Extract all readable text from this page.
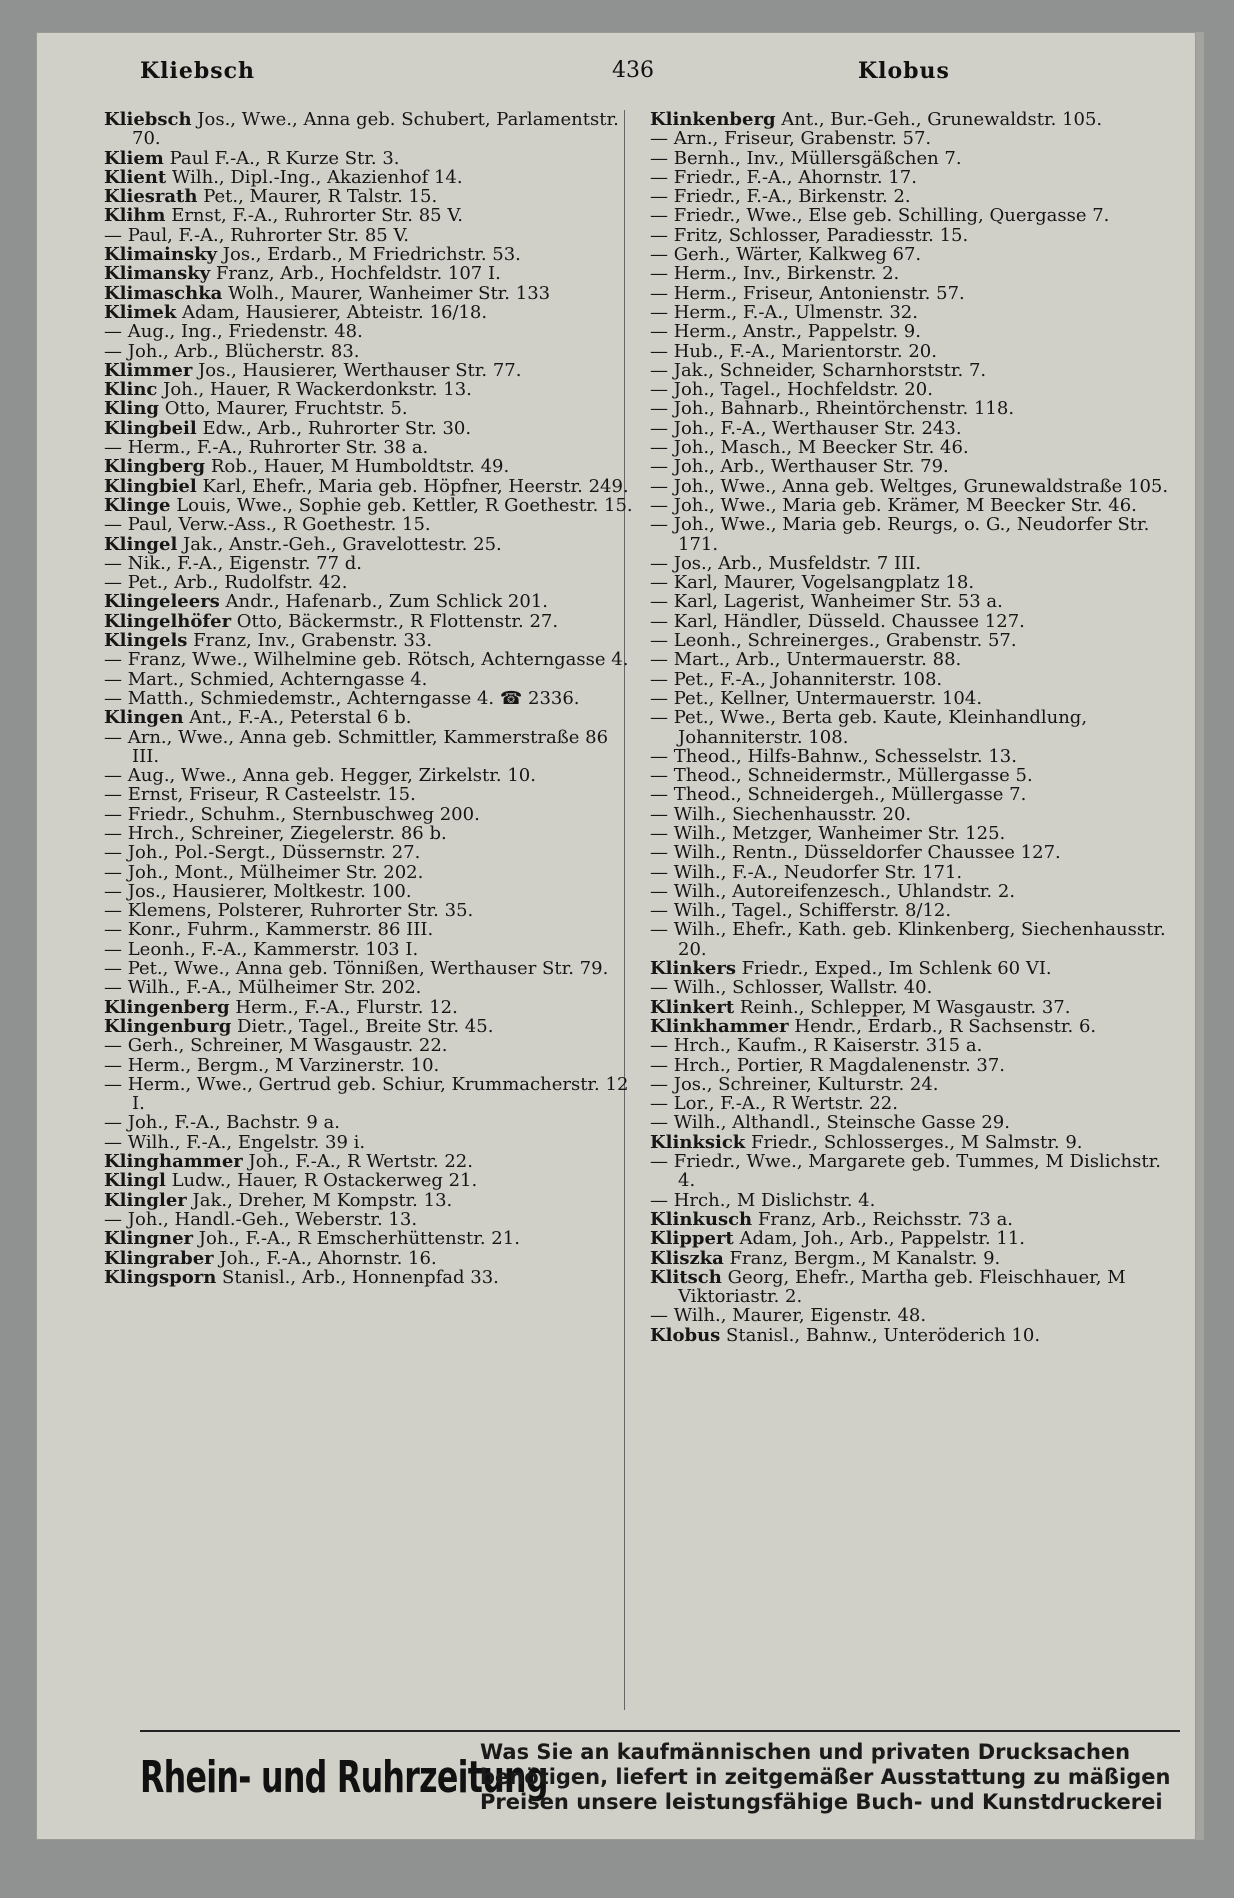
Kliebsch	436	Klobus
Kliebsch Jos., Wwe., Anna geb. Schubert, Parlamentstr. 70.
Kliem Paul F.-A., R Kurze Str. 3.
Klient Wilh., Dipl.-Ing., Akazienhof 14.
Kliesrath Pet., Maurer, R Talstr. 15.
Klihm Ernst, F.-A., Ruhrorter Str. 85 V.
— Paul, F.-A., Ruhrorter Str. 85 V.
Klimainsky Jos., Erdarb., M Friedrichstr. 53.
Klimansky Franz, Arb., Hochfeldstr. 107 I.
Klimaschka Wolh., Maurer, Wanheimer Str. 133
Klimek Adam, Hausierer, Abteistr. 16/18.
— Aug., Ing., Friedenstr. 48.
— Joh., Arb., Blücherstr. 83.
Klimmer Jos., Hausierer, Werthauser Str. 77.
Klinc Joh., Hauer, R Wackerdonkstr. 13.
Kling Otto, Maurer, Fruchtstr. 5.
Klingbeil Edw., Arb., Ruhrorter Str. 30.
— Herm., F.-A., Ruhrorter Str. 38 a.
Klingberg Rob., Hauer, M Humboldtstr. 49.
Klingbiel Karl, Ehefr., Maria geb. Höpfner, Heerstr. 249.
Klinge Louis, Wwe., Sophie geb. Kettler, R Goethestr. 15.
— Paul, Verw.-Ass., R Goethestr. 15.
Klingel Jak., Anstr.-Geh., Gravelottestr. 25.
— Nik., F.-A., Eigenstr. 77 d.
— Pet., Arb., Rudolfstr. 42.
Klingeleers Andr., Hafenarb., Zum Schlick 201.
Klingelhöfer Otto, Bäckermstr., R Flottenstr. 27.
Klingels Franz, Inv., Grabenstr. 33.
— Franz, Wwe., Wilhelmine geb. Rötsch, Achterngasse 4.
— Mart., Schmied, Achterngasse 4.
— Matth., Schmiedemstr., Achterngasse 4. ☎ 2336.
Klingen Ant., F.-A., Peterstal 6 b.
— Arn., Wwe., Anna geb. Schmittler, Kammerstraße 86 III.
— Aug., Wwe., Anna geb. Hegger, Zirkelstr. 10.
— Ernst, Friseur, R Casteelstr. 15.
— Friedr., Schuhm., Sternbuschweg 200.
— Hrch., Schreiner, Ziegelerstr. 86 b.
— Joh., Pol.-Sergt., Düssernstr. 27.
— Joh., Mont., Mülheimer Str. 202.
— Jos., Hausierer, Moltkestr. 100.
— Klemens, Polsterer, Ruhrorter Str. 35.
— Konr., Fuhrm., Kammerstr. 86 III.
— Leonh., F.-A., Kammerstr. 103 I.
— Pet., Wwe., Anna geb. Tönnißen, Werthauser Str. 79.
— Wilh., F.-A., Mülheimer Str. 202.
Klingenberg Herm., F.-A., Flurstr. 12.
Klingenburg Dietr., Tagel., Breite Str. 45.
— Gerh., Schreiner, M Wasgaustr. 22.
— Herm., Bergm., M Varzinerstr. 10.
— Herm., Wwe., Gertrud geb. Schiur, Krummacherstr. 12 I.
— Joh., F.-A., Bachstr. 9 a.
— Wilh., F.-A., Engelstr. 39 i.
Klinghammer Joh., F.-A., R Wertstr. 22.
Klingl Ludw., Hauer, R Ostackerweg 21.
Klingler Jak., Dreher, M Kompstr. 13.
— Joh., Handl.-Geh., Weberstr. 13.
Klingner Joh., F.-A., R Emscherhüttenstr. 21.
Klingraber Joh., F.-A., Ahornstr. 16.
Klingsporn Stanisl., Arb., Honnenpfad 33.
Klinkenberg Ant., Bur.-Geh., Grunewaldstr. 105.
— Arn., Friseur, Grabenstr. 57.
— Bernh., Inv., Müllersgäßchen 7.
— Friedr., F.-A., Ahornstr. 17.
— Friedr., F.-A., Birkenstr. 2.
— Friedr., Wwe., Else geb. Schilling, Quergasse 7.
— Fritz, Schlosser, Paradiesstr. 15.
— Gerh., Wärter, Kalkweg 67.
— Herm., Inv., Birkenstr. 2.
— Herm., Friseur, Antonienstr. 57.
— Herm., F.-A., Ulmenstr. 32.
— Herm., Anstr., Pappelstr. 9.
— Hub., F.-A., Marientorstr. 20.
— Jak., Schneider, Scharnhorststr. 7.
— Joh., Tagel., Hochfeldstr. 20.
— Joh., Bahnarb., Rheintörchenstr. 118.
— Joh., F.-A., Werthauser Str. 243.
— Joh., Masch., M Beecker Str. 46.
— Joh., Arb., Werthauser Str. 79.
— Joh., Wwe., Anna geb. Weltges, Grunewaldstraße 105.
— Joh., Wwe., Maria geb. Krämer, M Beecker Str. 46.
— Joh., Wwe., Maria geb. Reurgs, o. G., Neudorfer Str. 171.
— Jos., Arb., Musfeldstr. 7 III.
— Karl, Maurer, Vogelsangplatz 18.
— Karl, Lagerist, Wanheimer Str. 53 a.
— Karl, Händler, Düsseld. Chaussee 127.
— Leonh., Schreinerges., Grabenstr. 57.
— Mart., Arb., Untermauerstr. 88.
— Pet., F.-A., Johanniterstr. 108.
— Pet., Kellner, Untermauerstr. 104.
— Pet., Wwe., Berta geb. Kaute, Kleinhandlung, Johanniterstr. 108.
— Theod., Hilfs-Bahnw., Schesselstr. 13.
— Theod., Schneidermstr., Müllergasse 5.
— Theod., Schneidergeh., Müllergasse 7.
— Wilh., Siechenhausstr. 20.
— Wilh., Metzger, Wanheimer Str. 125.
— Wilh., Rentn., Düsseldorfer Chaussee 127.
— Wilh., F.-A., Neudorfer Str. 171.
— Wilh., Autoreifenzesch., Uhlandstr. 2.
— Wilh., Tagel., Schifferstr. 8/12.
— Wilh., Ehefr., Kath. geb. Klinkenberg, Siechenhausstr. 20.
Klinkers Friedr., Exped., Im Schlenk 60 VI.
— Wilh., Schlosser, Wallstr. 40.
Klinkert Reinh., Schlepper, M Wasgaustr. 37.
Klinkhammer Hendr., Erdarb., R Sachsenstr. 6.
— Hrch., Kaufm., R Kaiserstr. 315 a.
— Hrch., Portier, R Magdalenenstr. 37.
— Jos., Schreiner, Kulturstr. 24.
— Lor., F.-A., R Wertstr. 22.
— Wilh., Althandl., Steinsche Gasse 29.
Klinksick Friedr., Schlosserges., M Salmstr. 9.
— Friedr., Wwe., Margarete geb. Tummes, M Dislichstr. 4.
— Hrch., M Dislichstr. 4.
Klinkusch Franz, Arb., Reichsstr. 73 a.
Klippert Adam, Joh., Arb., Pappelstr. 11.
Kliszka Franz, Bergm., M Kanalstr. 9.
Klitsch Georg, Ehefr., Martha geb. Fleischhauer, M Viktoriastr. 2.
— Wilh., Maurer, Eigenstr. 48.
Klobus Stanisl., Bahnw., Unteröderich 10.
Rhein- und Ruhrzeitung
Was Sie an kaufmännischen und privaten Drucksachen
benötigen, liefert in zeitgemäßer Ausstattung zu mäßigen
Preisen unsere leistungsfähige Buch- und Kunstdruckerei
